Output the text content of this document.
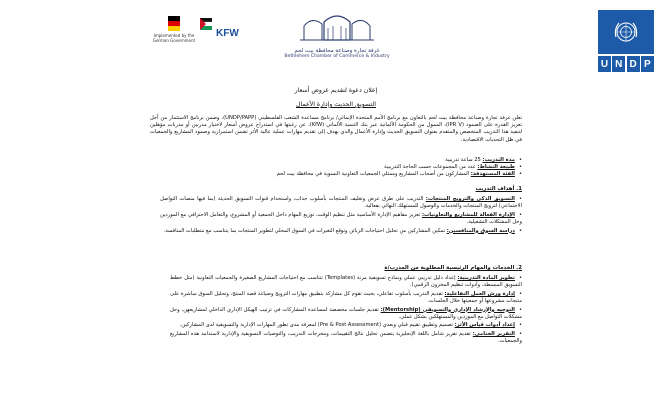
U N D P
غرفة تجارة وصناعة محافظة بيت لحم
Bethlehem Chamber of Commerce & Industry
KFW
Implemented by the German Government
إعلان دعوة لتقديم عروض أسعار
التسويق الحديث وإدارة الأعمال
تعلن غرفة تجارة وصناعة محافظة بيت لحم بالتعاون مع برنامج الأمم المتحدة الإنمائي/ برنامج مساعدة الشعب الفلسطيني (UNDP/PAPP)، وضمن برنامج الاستثمار من أجل تعزيز القدرة على الصمود (IPR V)، الممول من الحكومة الألمانية عبر بنك التنمية الألماني (KfW)، عن رغبتها في استدراج عروض أسعار لاختيار مدربين أو مدربات مؤهلين لتنفيذ هذا التدريب المتخصص والمتقدم بعنوان التسويق الحديث وإدارة الأعمال والذي يهدف إلى تقديم مهارات عملية عالية الأثر تضمن استمرارية وصمود المشاريع والجمعيات في ظل التحديات الاقتصادية.
• مدة التدريب: 25 ساعة تدريبية
• طبيعة النشاط: عدد من المجموعات حسب الحاجة التدريبية
• الفئة المستهدفة: المشاركون من أصحاب المشاريع وممثلي الجمعيات التعاونية النسوية في محافظة بيت لحم
1. أهداف التدريب
• التسويق الذكي والترويج المنتجات: التدريب على طرق عرض وتغليف المنتجات بأسلوب جذاب، واستخدام قنوات التسويق الحديثة (بما فيها منصات التواصل الاجتماعي) لترويج المنتجات والخدمات والوصول للمستهلك النهائي بفعالية.
• الإدارة الفعالة للمشاريع والتعاونيات: تعزيز مفاهيم الإدارة الأساسية مثل تنظيم الوقت، توزيع المهام داخل الجمعية أو المشروع، والتعامل الاحترافي مع الموردين وحل المشكلات التشغيلية.
• دراسة السوق والمنافسين: تمكين المشاركين من تحليل احتياجات الزبائن وتوقع التغيرات في السوق المحلي لتطوير المنتجات بما يتناسب مع متطلبات المنافسة.
2. الخدمات والمهام الرئيسية المطلوبة من المدرب/ة
• تطوير المادة التدريبية: إعداد دليل تدريبي عملي ونماذج تسويقية مرنة (Templates) تتناسب مع احتياجات المشاريع الصغيرة والجمعيات التعاونية (مثل خطط التسويق المبسطة، وأدوات تنظيم المخزون الرقمي).
• إدارة ورش العمل التفاعلية: تقديم التدريب بأسلوب تفاعلي، بحيث تقوم كل مشاركة بتطبيق مهارات الترويج وصياغة قصة المنتج، وتحليل السوق مباشرة على منتجات مشروعها أو جمعيتها خلال الجلسات.
• التوجيه والإرشاد الإداري والتسويقي (Mentorship): تقديم جلسات مخصصة لمساعدة المشاركات في ترتيب الهيكل الإداري الداخلي لمشاريعهن، وحل مشكلات التواصل مع الموردين والمستهلكين بشكل عملي.
• إعداد أدوات قياس الأثر: تصميم وتطبيق تقييم قبلي وبعدي (Pre & Post Assessment) لمعرفة مدى تطور المهارات الإدارية والتسويقية لدى المشاركين.
• التقرير الختامي: تقديم تقرير شامل باللغة الإنجليزية يتضمن تحليل نتائج التقييمات، ومخرجات التدريب، والتوصيات التسويقية والإدارية لاستدامة هذه المشاريع والجمعيات.
